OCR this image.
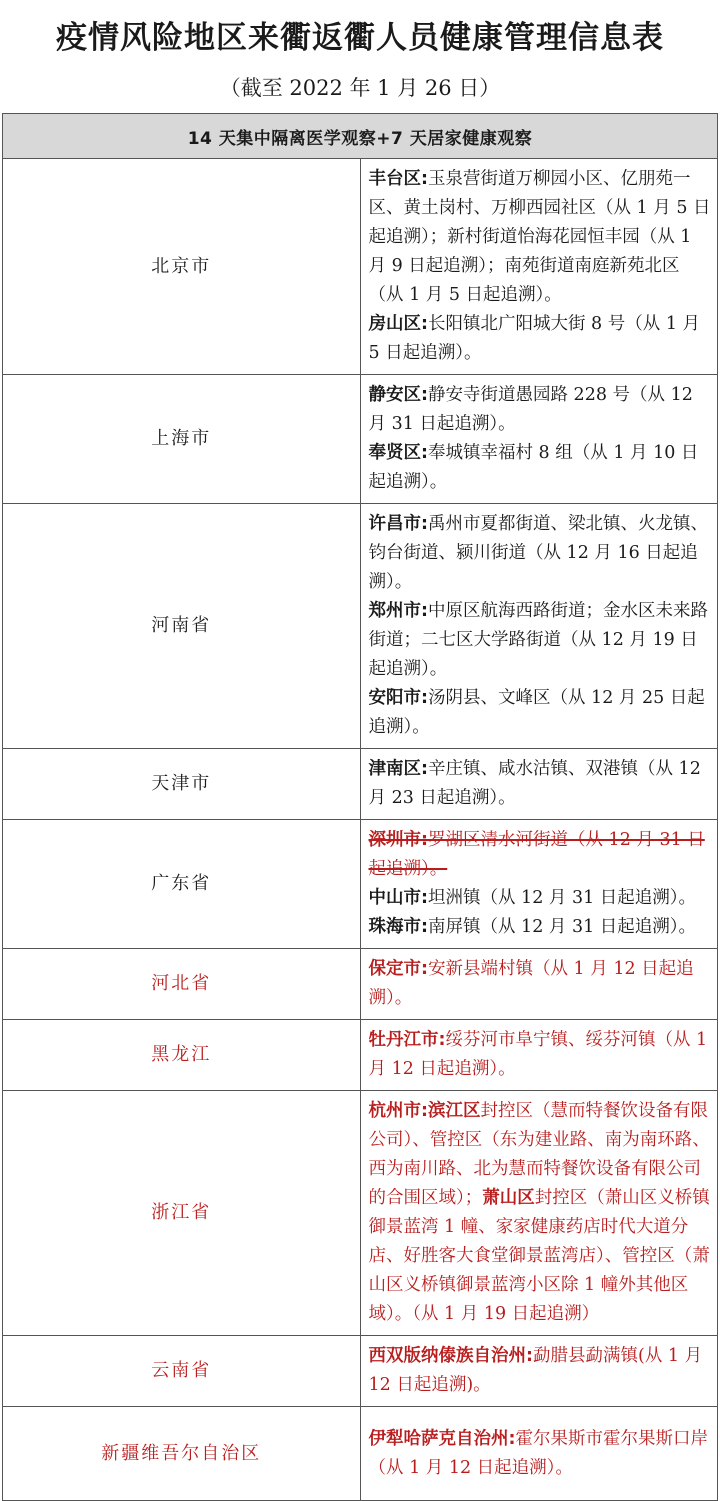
疫情风险地区来衢返衢人员健康管理信息表
（截至 2022 年 1 月 26 日）
14 天集中隔离医学观察+7 天居家健康观察	
北京市	丰台区:玉泉营街道万柳园小区、亿朋苑一区、黄土岗村、万柳西园社区（从 1 月 5 日起追溯）；新村街道怡海花园恒丰园（从 1 月 9 日起追溯）；南苑街道南庭新苑北区（从 1 月 5 日起追溯）。
房山区:长阳镇北广阳城大街 8 号（从 1 月 5 日起追溯）。

上海市	静安区:静安寺街道愚园路 228 号（从 12 月 31 日起追溯）。
奉贤区:奉城镇幸福村 8 组（从 1 月 10 日起追溯）。

河南省	许昌市:禹州市夏都街道、梁北镇、火龙镇、钧台街道、颍川街道（从 12 月 16 日起追溯）。
郑州市:中原区航海西路街道；金水区未来路街道；二七区大学路街道（从 12 月 19 日起追溯）。
安阳市:汤阴县、文峰区（从 12 月 25 日起追溯）。

天津市	津南区:辛庄镇、咸水沽镇、双港镇（从 12 月 23 日起追溯）。

广东省	深圳市:罗湖区清水河街道（从 12 月 31 日起追溯）。
中山市:坦洲镇（从 12 月 31 日起追溯）。
珠海市:南屏镇（从 12 月 31 日起追溯）。

河北省	保定市:安新县端村镇（从 1 月 12 日起追溯）。

黑龙江	牡丹江市:绥芬河市阜宁镇、绥芬河镇（从 1 月 12 日起追溯）。

浙江省	杭州市:滨江区封控区（慧而特餐饮设备有限公司）、管控区（东为建业路、南为南环路、西为南川路、北为慧而特餐饮设备有限公司的合围区域）；萧山区封控区（萧山区义桥镇御景蓝湾 1 幢、家家健康药店时代大道分店、好胜客大食堂御景蓝湾店）、管控区（萧山区义桥镇御景蓝湾小区除 1 幢外其他区域）。（从 1 月 19 日起追溯）

云南省	西双版纳傣族自治州:勐腊县勐满镇(从 1 月 12 日起追溯)。

新疆维吾尔自治区	伊犁哈萨克自治州:霍尔果斯市霍尔果斯口岸（从 1 月 12 日起追溯）。
